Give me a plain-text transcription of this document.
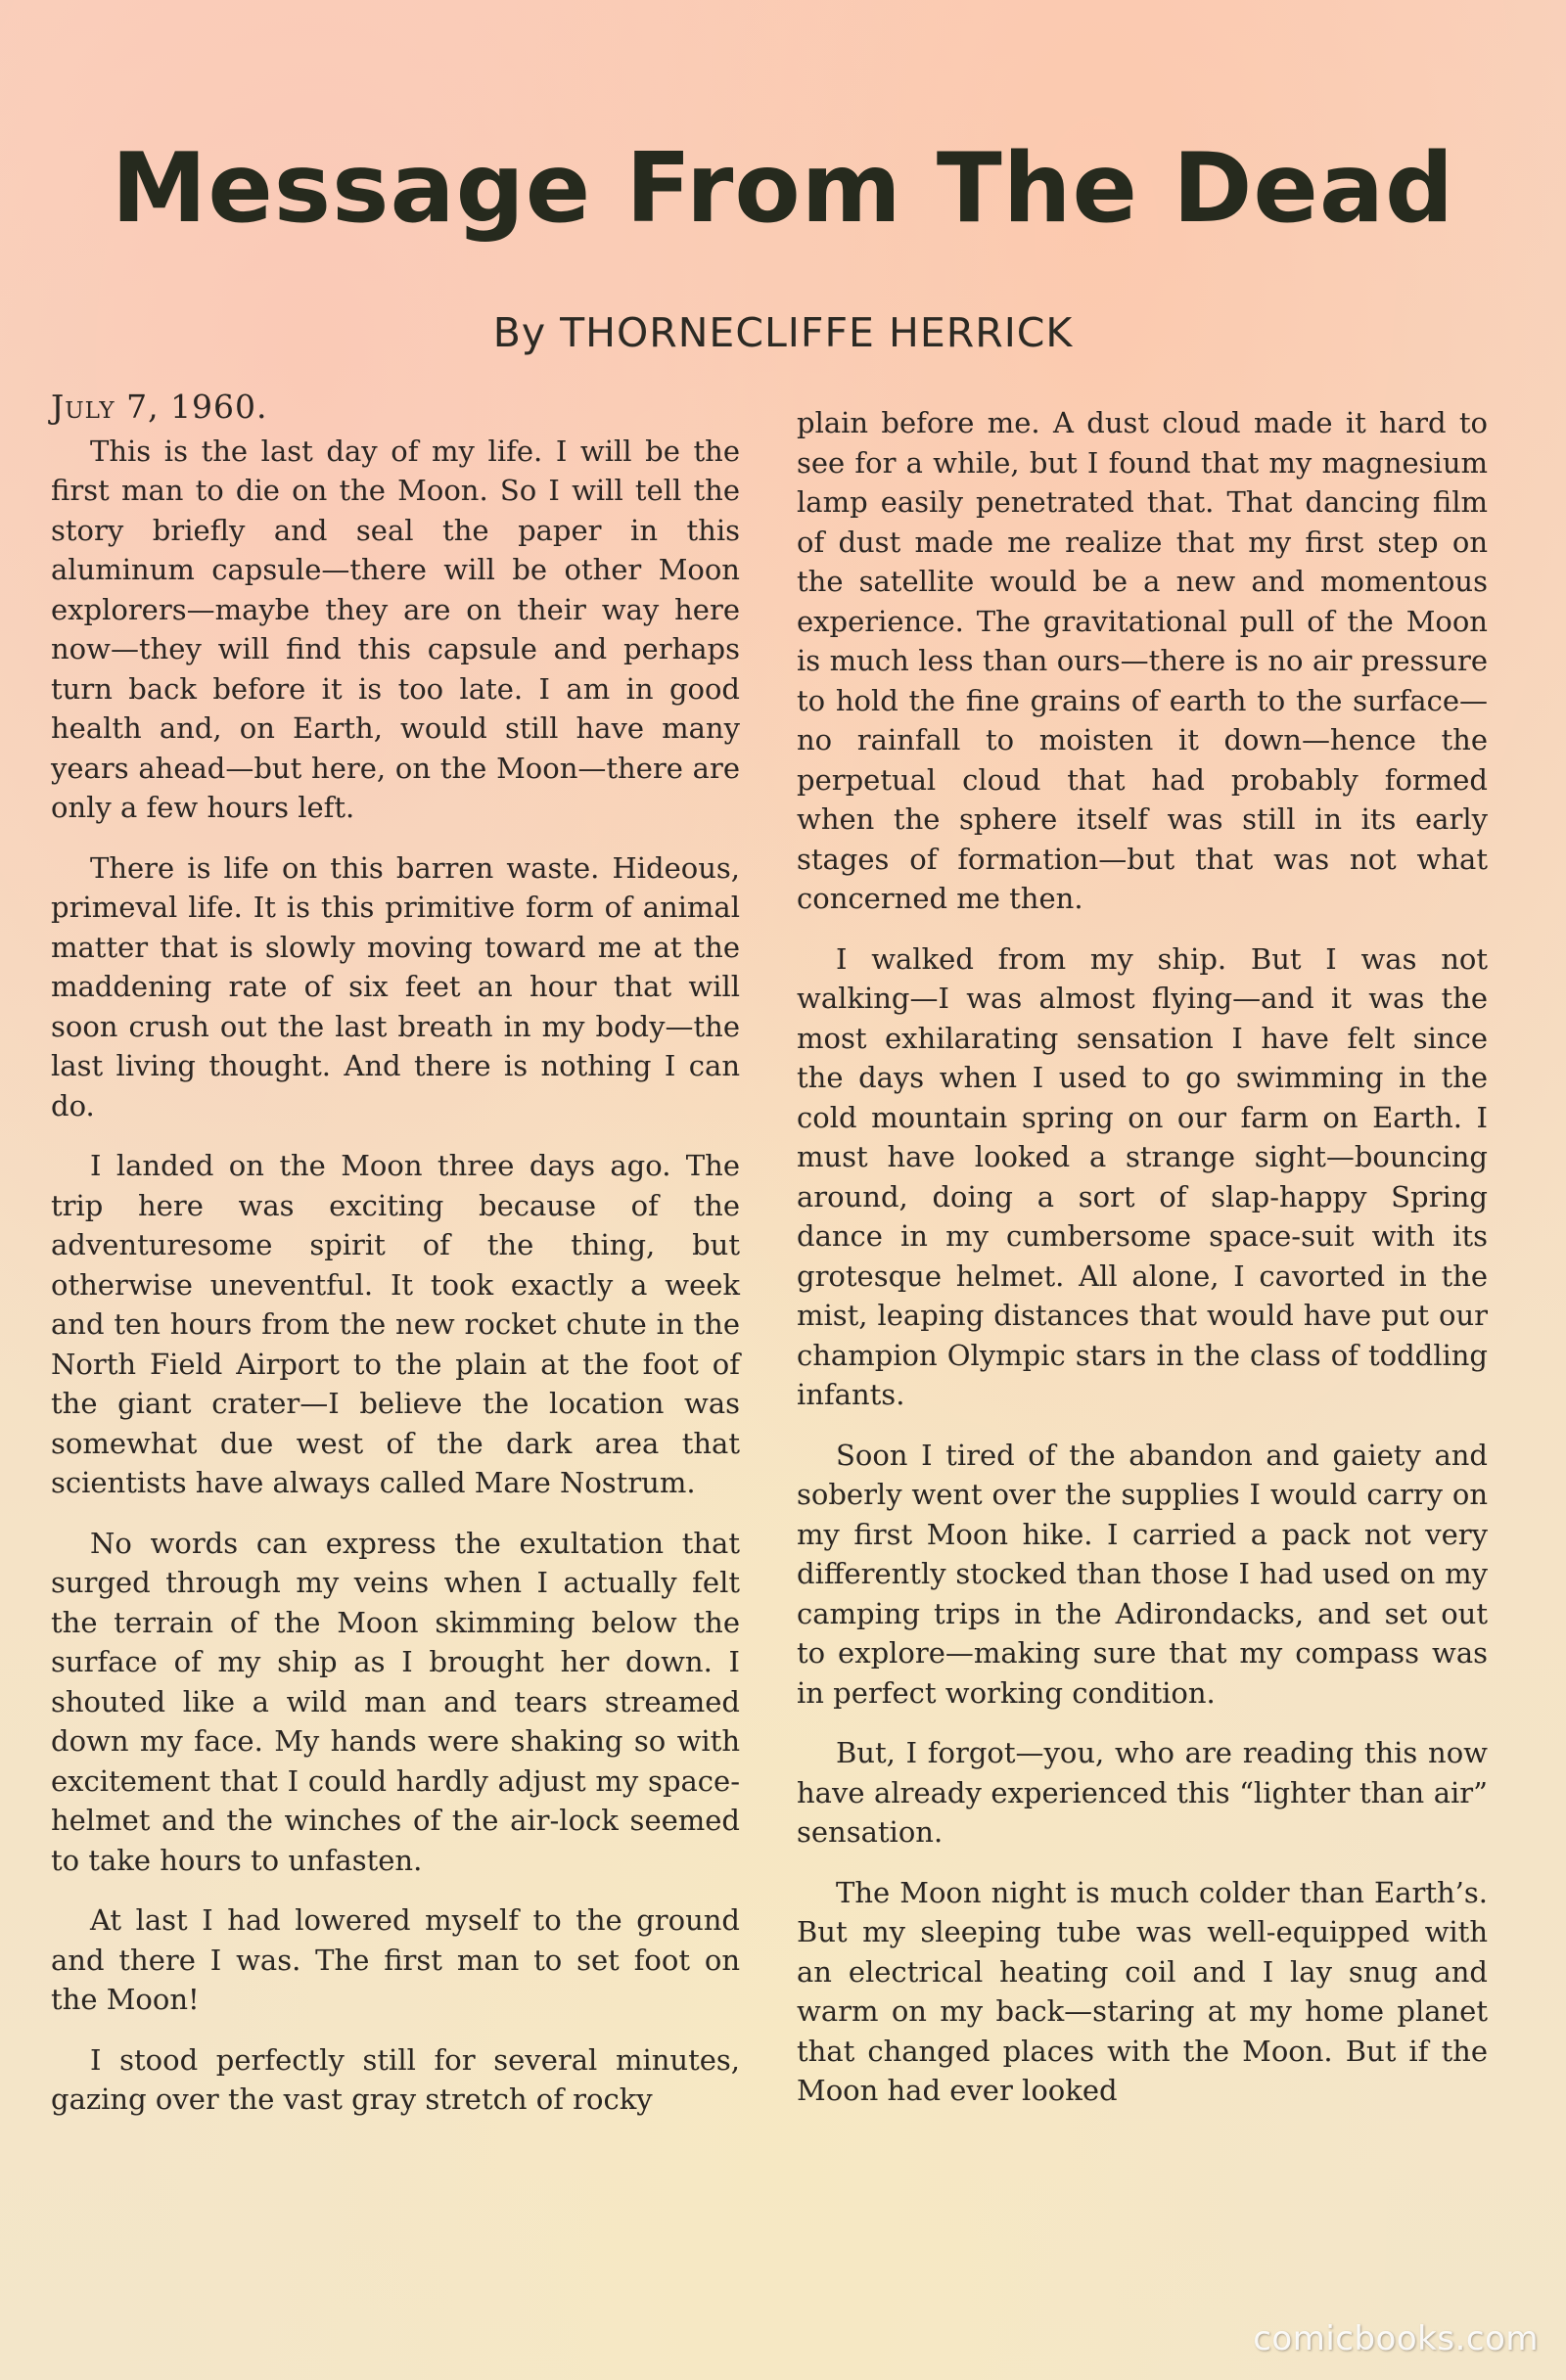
Message From The Dead
By THORNECLIFFE HERRICK
July 7, 1960.

This is the last day of my life. I will be the first man to die on the Moon. So I will tell the story briefly and seal the paper in this aluminum capsule—there will be other Moon explorers—maybe they are on their way here now—they will find this capsule and perhaps turn back before it is too late. I am in good health and, on Earth, would still have many years ahead—but here, on the Moon—there are only a few hours left.

There is life on this barren waste. Hideous, primeval life. It is this primitive form of animal matter that is slowly moving toward me at the maddening rate of six feet an hour that will soon crush out the last breath in my body—the last living thought. And there is nothing I can do.

I landed on the Moon three days ago. The trip here was exciting because of the adventuresome spirit of the thing, but otherwise uneventful. It took exactly a week and ten hours from the new rocket chute in the North Field Airport to the plain at the foot of the giant crater—I believe the location was somewhat due west of the dark area that scientists have always called Mare Nostrum.

No words can express the exultation that surged through my veins when I actually felt the terrain of the Moon skimming below the surface of my ship as I brought her down. I shouted like a wild man and tears streamed down my face. My hands were shaking so with excitement that I could hardly adjust my space-helmet and the winches of the air-lock seemed to take hours to unfasten.

At last I had lowered myself to the ground and there I was. The first man to set foot on the Moon!

I stood perfectly still for several minutes, gazing over the vast gray stretch of rocky

plain before me. A dust cloud made it hard to see for a while, but I found that my magnesium lamp easily penetrated that. That dancing film of dust made me realize that my first step on the satellite would be a new and momentous experience. The gravitational pull of the Moon is much less than ours—there is no air pressure to hold the fine grains of earth to the surface—no rainfall to moisten it down—hence the perpetual cloud that had probably formed when the sphere itself was still in its early stages of formation—but that was not what concerned me then.

I walked from my ship. But I was not walking—I was almost flying—and it was the most exhilarating sensation I have felt since the days when I used to go swimming in the cold mountain spring on our farm on Earth. I must have looked a strange sight—bouncing around, doing a sort of slap-happy Spring dance in my cumbersome space-suit with its grotesque helmet. All alone, I cavorted in the mist, leaping distances that would have put our champion Olympic stars in the class of toddling infants.

Soon I tired of the abandon and gaiety and soberly went over the supplies I would carry on my first Moon hike. I carried a pack not very differently stocked than those I had used on my camping trips in the Adirondacks, and set out to explore—making sure that my compass was in perfect working condition.

But, I forgot—you, who are reading this now have already experienced this “lighter than air” sensation.

The Moon night is much colder than Earth’s. But my sleeping tube was well-equipped with an electrical heating coil and I lay snug and warm on my back—staring at my home planet that changed places with the Moon. But if the Moon had ever looked

comicbooks.com
